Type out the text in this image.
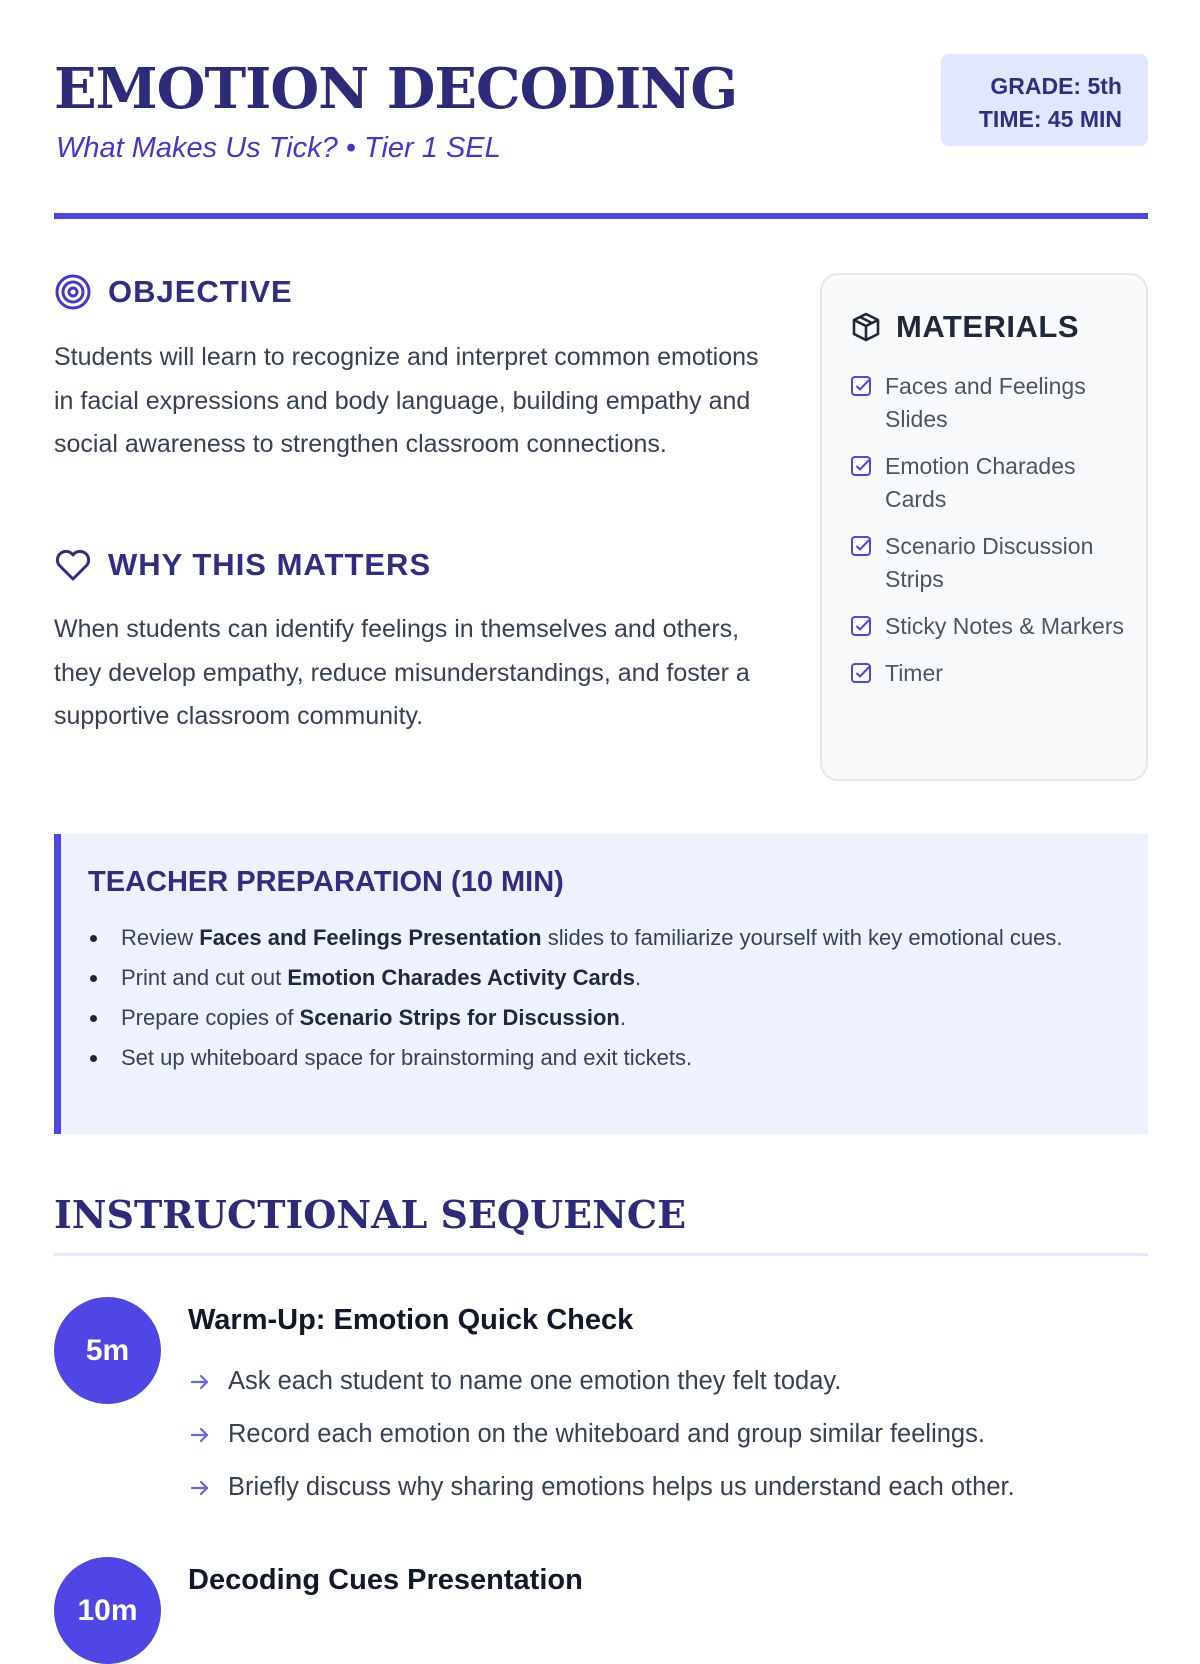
EMOTION DECODING
What Makes Us Tick? • Tier 1 SEL
GRADE: 5th
TIME: 45 MIN
OBJECTIVE

Students will learn to recognize and interpret common emotions in facial expressions and body language, building empathy and social awareness to strengthen classroom connections.

WHY THIS MATTERS

When students can identify feelings in themselves and others, they develop empathy, reduce misunderstandings, and foster a supportive classroom community.

MATERIALS
Faces and Feelings Slides
Emotion Charades Cards
Scenario Discussion Strips
Sticky Notes & Markers
Timer
TEACHER PREPARATION (10 MIN)
Review Faces and Feelings Presentation slides to familiarize yourself with key emotional cues.
Print and cut out Emotion Charades Activity Cards.
Prepare copies of Scenario Strips for Discussion.
Set up whiteboard space for brainstorming and exit tickets.
INSTRUCTIONAL SEQUENCE
5m
Warm-Up: Emotion Quick Check
Ask each student to name one emotion they felt today.
Record each emotion on the whiteboard and group similar feelings.
Briefly discuss why sharing emotions helps us understand each other.
10m
Decoding Cues Presentation
